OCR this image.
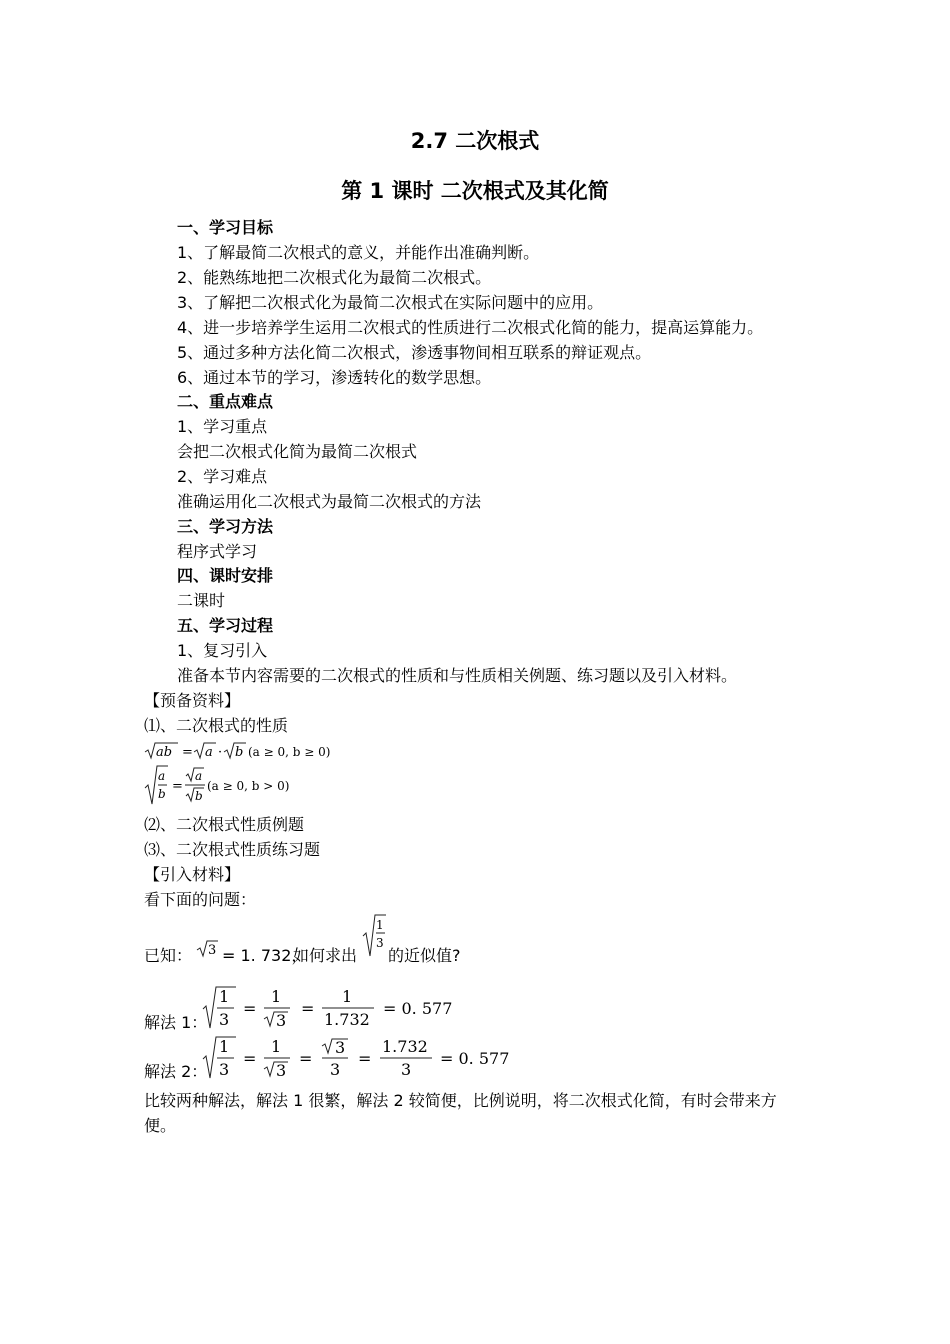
2.7 二次根式
第 1 课时 二次根式及其化简
一、学习目标
1、了解最简二次根式的意义，并能作出准确判断。
2、能熟练地把二次根式化为最简二次根式。
3、了解把二次根式化为最简二次根式在实际问题中的应用。
4、进一步培养学生运用二次根式的性质进行二次根式化简的能力，提高运算能力。
5、通过多种方法化简二次根式，渗透事物间相互联系的辩证观点。
6、通过本节的学习，渗透转化的数学思想。
二、重点难点
1、学习重点
会把二次根式化简为最简二次根式
2、学习难点
准确运用化二次根式为最简二次根式的方法
三、学习方法
程序式学习
四、课时安排
二课时
五、学习过程
1、复习引入
准备本节内容需要的二次根式的性质和与性质相关例题、练习题以及引入材料。
【预备资料】
⑴、二次根式的性质
ab = a · b (a ≥ 0, b ≥ 0)
a
b =
a
b
(a ≥ 0, b > 0)
⑵、二次根式性质例题
⑶、二次根式性质练习题
【引入材料】
看下面的问题：
已知： 3 = 1. 732，
如何求出
1
3
的近似值?
解法 1：
1
3
=
1
3
=
1
1.732
= 0. 577
解法 2：
1
3
=
1
3
=
3
3
=
1.732
3
= 0. 577
比较两种解法，解法 1 很繁，解法 2 较简便，比例说明，将二次根式化简，有时会带来方
便。
